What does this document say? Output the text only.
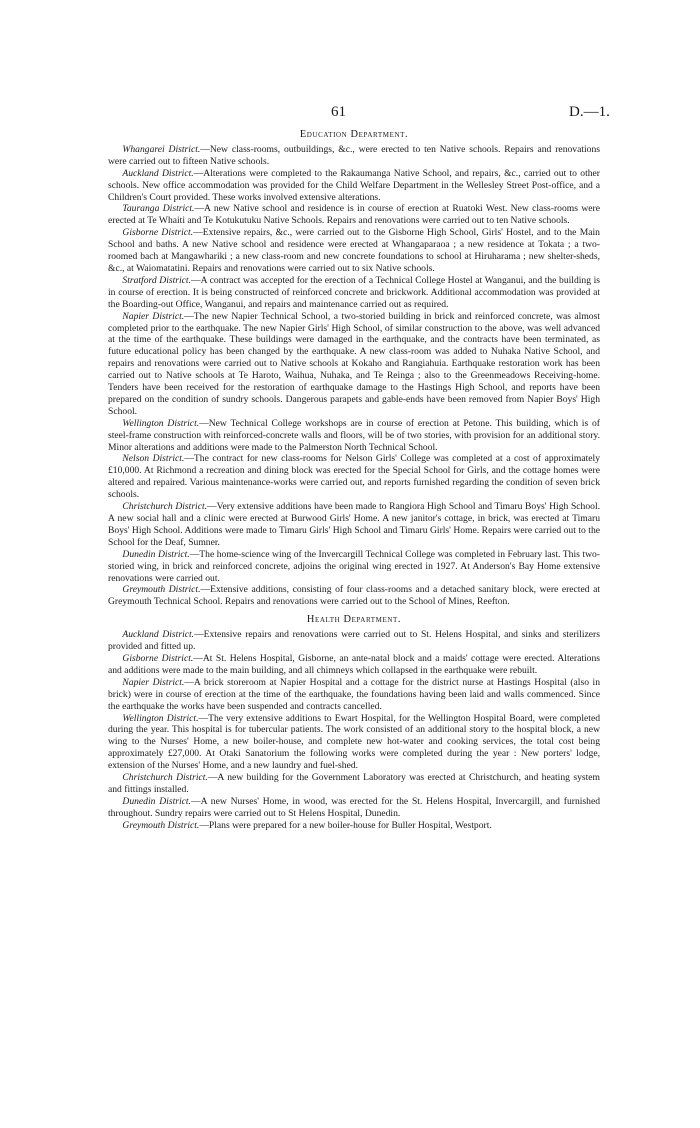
61	D.—1.
Education Department.

Whangarei District.—New class-rooms, outbuildings, &c., were erected to ten Native schools. Repairs and renovations were carried out to fifteen Native schools.

Auckland District.—Alterations were completed to the Rakaumanga Native School, and repairs, &c., carried out to other schools. New office accommodation was provided for the Child Welfare Department in the Wellesley Street Post-office, and a Children's Court provided. These works involved extensive alterations.

Tauranga District.—A new Native school and residence is in course of erection at Ruatoki West. New class-rooms were erected at Te Whaiti and Te Kotukutuku Native Schools. Repairs and renovations were carried out to ten Native schools.

Gisborne District.—Extensive repairs, &c., were carried out to the Gisborne High School, Girls' Hostel, and to the Main School and baths. A new Native school and residence were erected at Whangaparaoa ; a new residence at Tokata ; a two-roomed bach at Mangawhariki ; a new class-room and new concrete foundations to school at Hiruharama ; new shelter-sheds, &c., at Waiomatatini. Repairs and renovations were carried out to six Native schools.

Stratford District.—A contract was accepted for the erection of a Technical College Hostel at Wanganui, and the building is in course of erection. It is being constructed of reinforced concrete and brickwork. Additional accommodation was provided at the Boarding-out Office, Wanganui, and repairs and maintenance carried out as required.

Napier District.—The new Napier Technical School, a two-storied building in brick and reinforced concrete, was almost completed prior to the earthquake. The new Napier Girls' High School, of similar construction to the above, was well advanced at the time of the earthquake. These buildings were damaged in the earthquake, and the contracts have been terminated, as future educational policy has been changed by the earthquake. A new class-room was added to Nuhaka Native School, and repairs and renovations were carried out to Native schools at Kokaho and Rangiahuia. Earthquake restoration work has been carried out to Native schools at Te Haroto, Waihua, Nuhaka, and Te Reinga ; also to the Greenmeadows Receiving-home. Tenders have been received for the restoration of earthquake damage to the Hastings High School, and reports have been prepared on the condition of sundry schools. Dangerous parapets and gable-ends have been removed from Napier Boys' High School.

Wellington District.—New Technical College workshops are in course of erection at Petone. This building, which is of steel-frame construction with reinforced-concrete walls and floors, will be of two stories, with provision for an additional story. Minor alterations and additions were made to the Palmerston North Technical School.

Nelson District.—The contract for new class-rooms for Nelson Girls' College was completed at a cost of approximately £10,000. At Richmond a recreation and dining block was erected for the Special School for Girls, and the cottage homes were altered and repaired. Various maintenance-works were carried out, and reports furnished regarding the condition of seven brick schools.

Christchurch District.—Very extensive additions have been made to Rangiora High School and Timaru Boys' High School. A new social hall and a clinic were erected at Burwood Girls' Home. A new janitor's cottage, in brick, was erected at Timaru Boys' High School. Additions were made to Timaru Girls' High School and Timaru Girls' Home. Repairs were carried out to the School for the Deaf, Sumner.

Dunedin District.—The home-science wing of the Invercargill Technical College was completed in February last. This two-storied wing, in brick and reinforced concrete, adjoins the original wing erected in 1927. At Anderson's Bay Home extensive renovations were carried out.

Greymouth District.—Extensive additions, consisting of four class-rooms and a detached sanitary block, were erected at Greymouth Technical School. Repairs and renovations were carried out to the School of Mines, Reefton.

Health Department.

Auckland District.—Extensive repairs and renovations were carried out to St. Helens Hospital, and sinks and sterilizers provided and fitted up.

Gisborne District.—At St. Helens Hospital, Gisborne, an ante-natal block and a maids' cottage were erected. Alterations and additions were made to the main building, and all chimneys which collapsed in the earthquake were rebuilt.

Napier District.—A brick storeroom at Napier Hospital and a cottage for the district nurse at Hastings Hospital (also in brick) were in course of erection at the time of the earthquake, the foundations having been laid and walls commenced. Since the earthquake the works have been suspended and contracts cancelled.

Wellington District.—The very extensive additions to Ewart Hospital, for the Wellington Hospital Board, were completed during the year. This hospital is for tubercular patients. The work consisted of an additional story to the hospital block, a new wing to the Nurses' Home, a new boiler-house, and complete new hot-water and cooking services, the total cost being approximately £27,000. At Otaki Sanatorium the following works were completed during the year : New porters' lodge, extension of the Nurses' Home, and a new laundry and fuel-shed.

Christchurch District.—A new building for the Government Laboratory was erected at Christchurch, and heating system and fittings installed.

Dunedin District.—A new Nurses' Home, in wood, was erected for the St. Helens Hospital, Invercargill, and furnished throughout. Sundry repairs were carried out to St Helens Hospital, Dunedin.

Greymouth District.—Plans were prepared for a new boiler-house for Buller Hospital, Westport.
